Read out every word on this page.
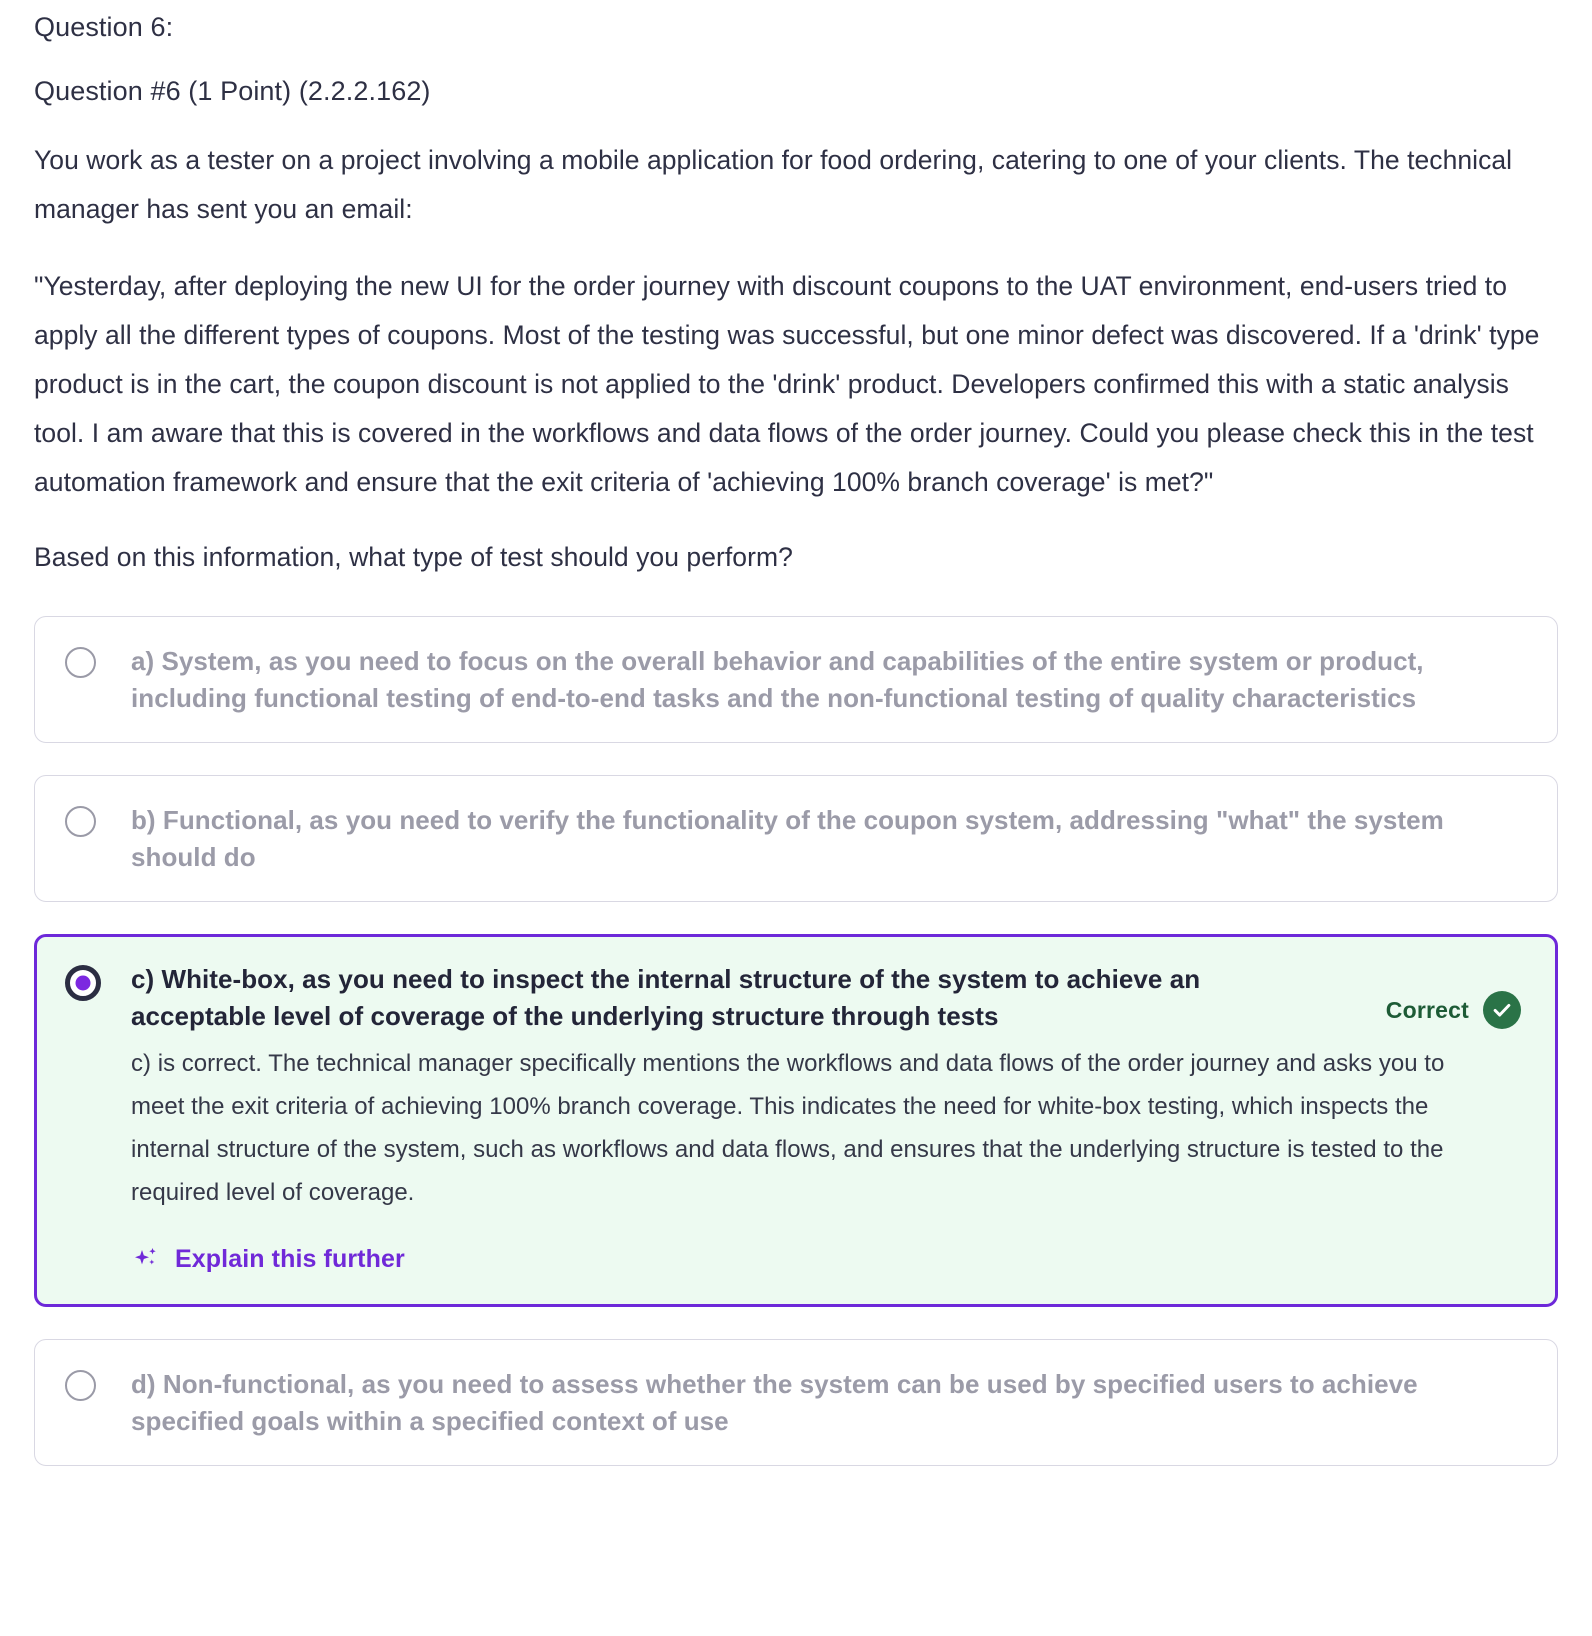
Question 6:
Question #6 (1 Point) (2.2.2.162)
You work as a tester on a project involving a mobile application for food ordering, catering to one of your clients. The technical manager has sent you an email:
"Yesterday, after deploying the new UI for the order journey with discount coupons to the UAT environment, end-users tried to apply all the different types of coupons. Most of the testing was successful, but one minor defect was discovered. If a 'drink' type product is in the cart, the coupon discount is not applied to the 'drink' product. Developers confirmed this with a static analysis tool. I am aware that this is covered in the workflows and data flows of the order journey. Could you please check this in the test automation framework and ensure that the exit criteria of 'achieving 100% branch coverage' is met?"
Based on this information, what type of test should you perform?
a) System, as you need to focus on the overall behavior and capabilities of the entire system or product, including functional testing of end-to-end tasks and the non-functional testing of quality characteristics
b) Functional, as you need to verify the functionality of the coupon system, addressing "what" the system should do
c) White-box, as you need to inspect the internal structure of the system to achieve an acceptable level of coverage of the underlying structure through tests	Correct
c) is correct. The technical manager specifically mentions the workflows and data flows of the order journey and asks you to meet the exit criteria of achieving 100% branch coverage. This indicates the need for white-box testing, which inspects the internal structure of the system, such as workflows and data flows, and ensures that the underlying structure is tested to the required level of coverage.
Explain this further
d) Non-functional, as you need to assess whether the system can be used by specified users to achieve specified goals within a specified context of use
